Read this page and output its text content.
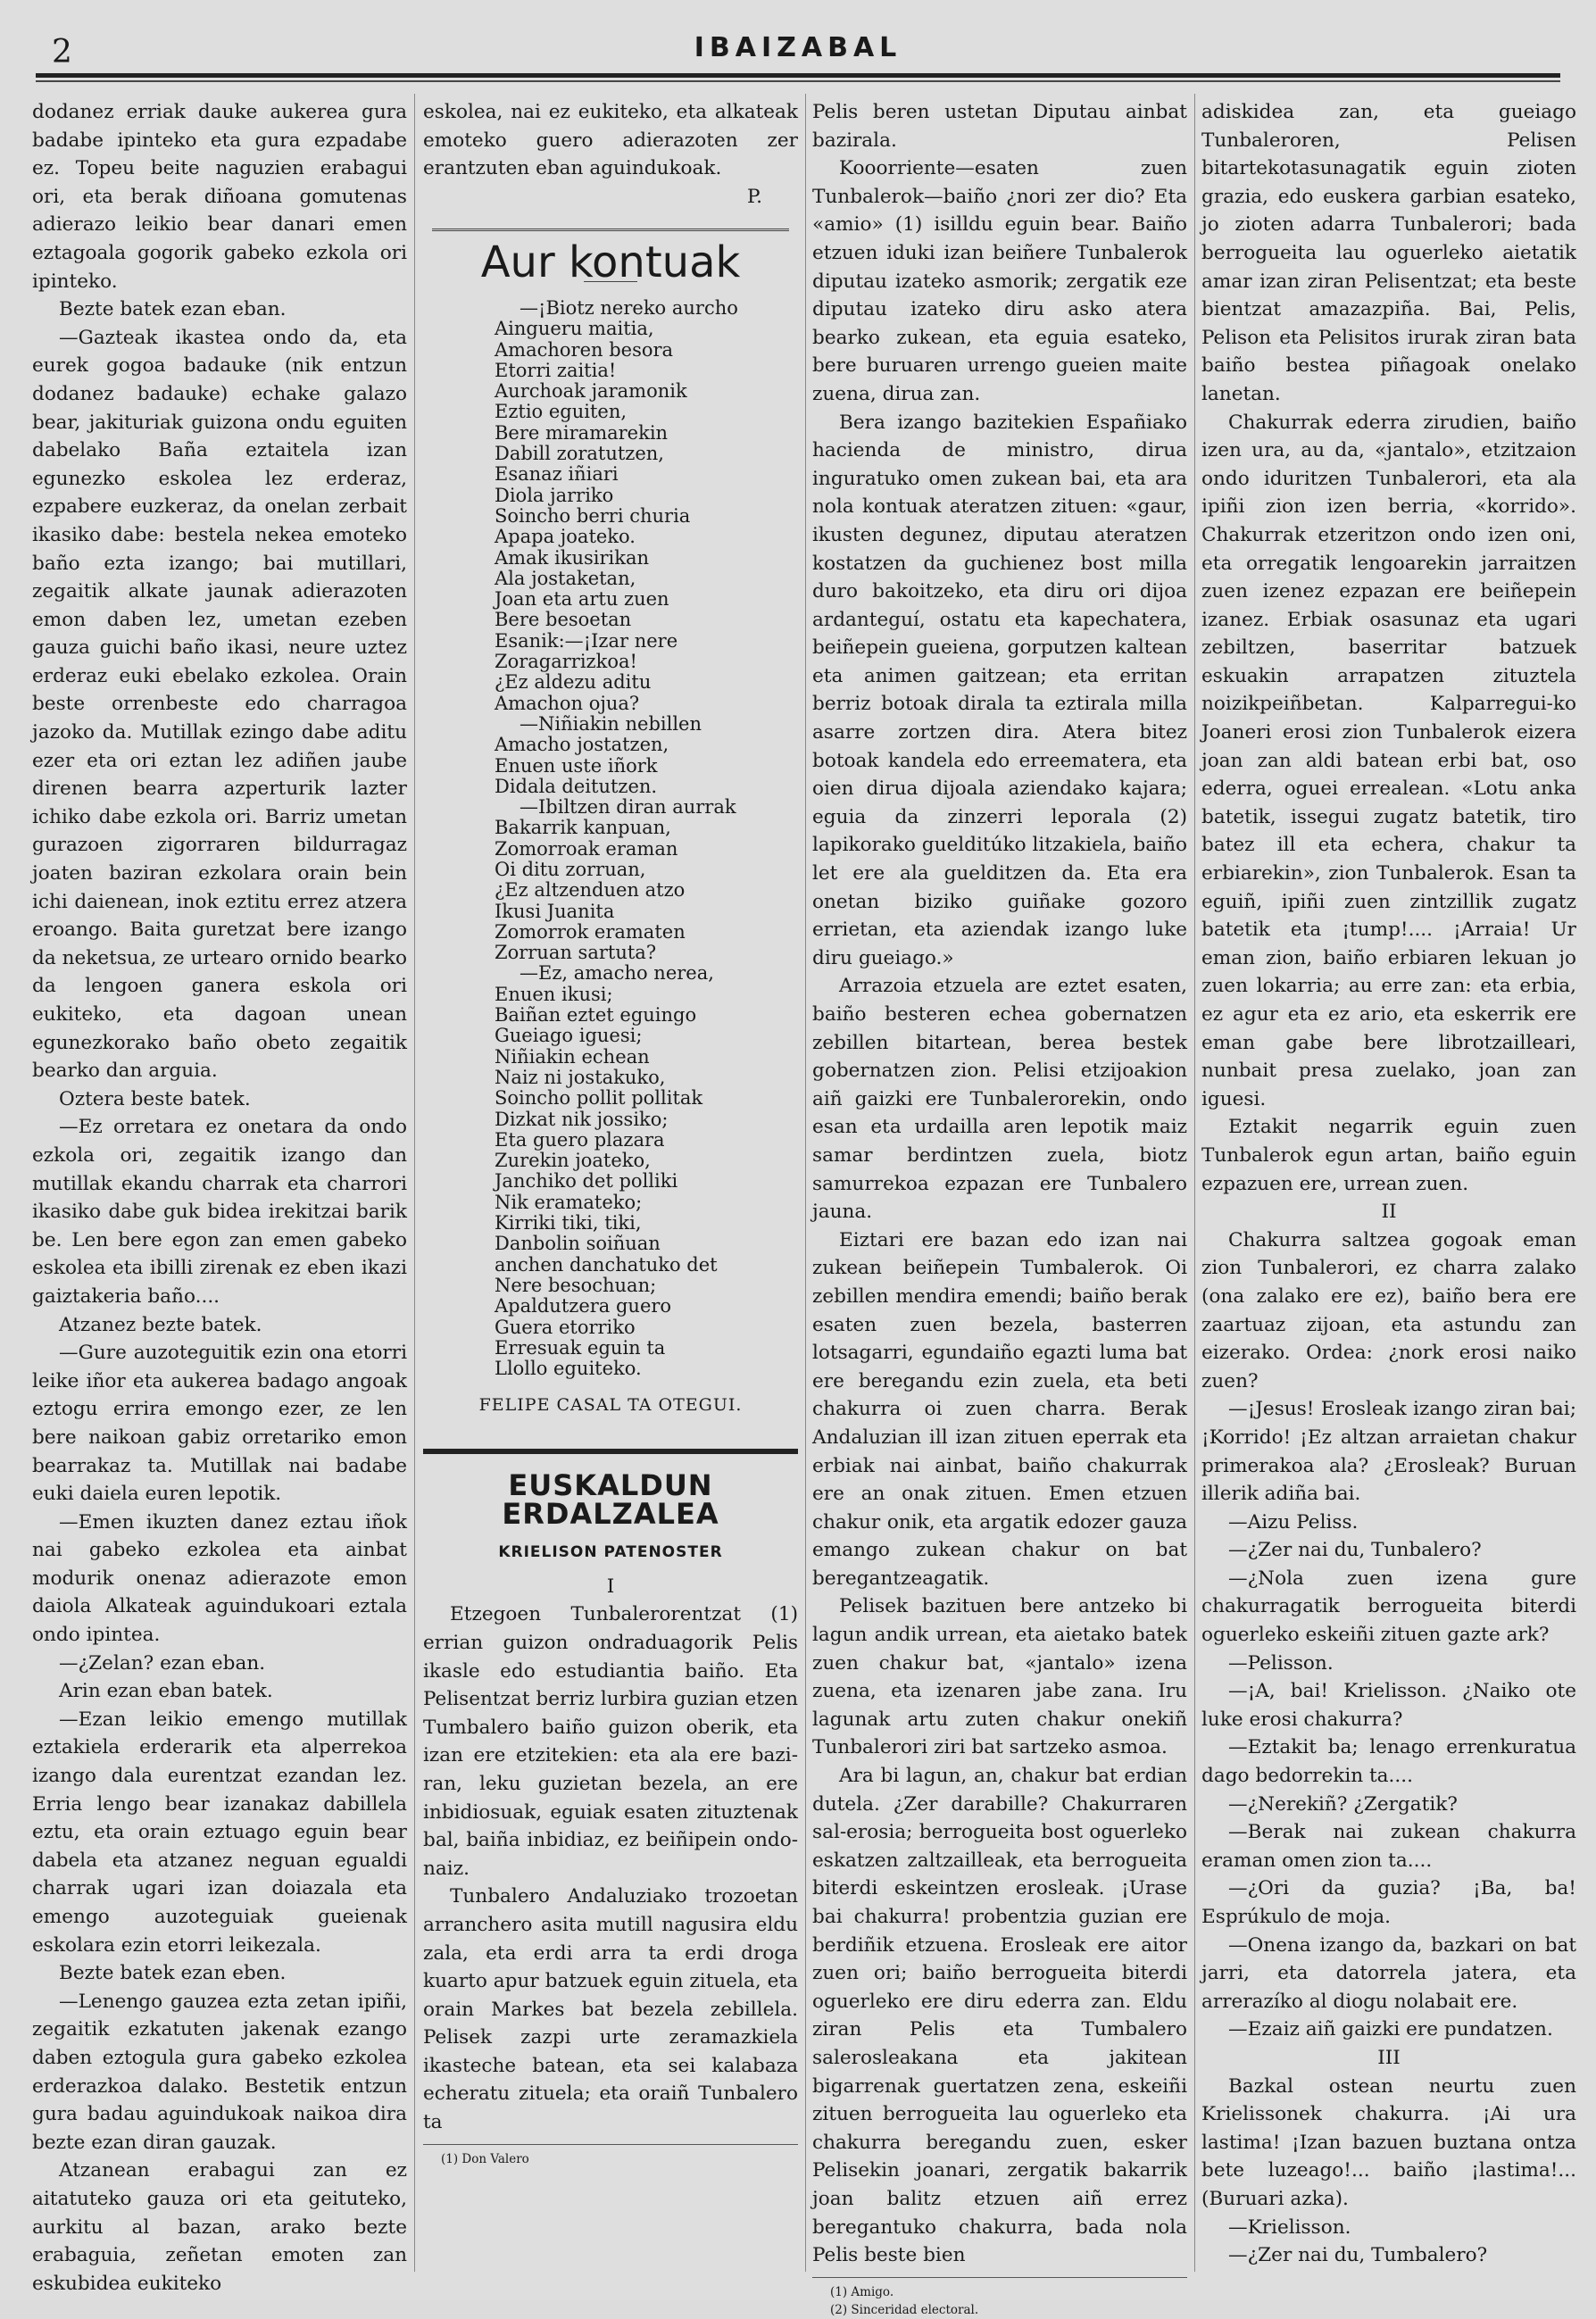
2	IBAIZABAL

dodanez erriak dauke aukerea gura badabe ipinteko eta gura ezpadabe ez. Topeu beite naguzien erabagui ori, eta berak diñoana gomutenas adierazo leikio bear danari emen eztagoala gogorik gabeko ezkola ori ipinteko.

Bezte batek ezan eban.

—Gazteak ikastea ondo da, eta eurek gogoa badauke (nik entzun dodanez badauke) echake galazo bear, jakituriak guizona ondu eguiten dabelako Baña eztaitela izan egunezko eskolea lez erderaz, ezpabere euzkeraz, da onelan zerbait ikasiko dabe: bestela nekea emoteko baño ezta izango; bai mutillari, zegaitik alkate jaunak adierazoten emon daben lez, umetan ezeben gauza guichi baño ikasi, neure uztez erderaz euki ebelako ezkolea. Orain beste orrenbeste edo charragoa jazoko da. Mutillak ezingo dabe aditu ezer eta ori eztan lez adiñen jaube direnen bearra azperturik lazter ichiko dabe ezkola ori. Barriz umetan gurazoen zigorraren bildurragaz joaten baziran ezkolara orain bein ichi daienean, inok eztitu errez atzera eroango. Baita guretzat bere izango da neketsua, ze urtearo ornido bearko da lengoen ganera eskola ori eukiteko, eta dagoan unean egunezkorako baño obeto zegaitik bearko dan arguia.

Oztera beste batek.

—Ez orretara ez onetara da ondo ezkola ori, zegaitik izango dan mutillak ekandu charrak eta charrori ikasiko dabe guk bidea irekitzai barik be. Len bere egon zan emen gabeko eskolea eta ibilli zirenak ez eben ikazi gaiztakeria baño....

Atzanez bezte batek.

—Gure auzoteguitik ezin ona etorri leike iñor eta aukerea badago angoak eztogu errira emongo ezer, ze len bere naikoan gabiz orretariko emon bearrakaz ta. Mutillak nai badabe euki daiela euren lepotik.

—Emen ikuzten danez eztau iñok nai gabeko ezkolea eta ainbat modurik onenaz adierazote emon daiola Alkateak aguindukoari eztala ondo ipintea.

—¿Zelan? ezan eban.

Arin ezan eban batek.

—Ezan leikio emengo mutillak eztakiela erderarik eta alperrekoa izango dala eurentzat ezandan lez. Erria lengo bear izanakaz dabillela eztu, eta orain eztuago eguin bear dabela eta atzanez neguan egualdi charrak ugari izan doiazala eta emengo auzoteguiak gueienak eskolara ezin etorri leikezala.

Bezte batek ezan eben.

—Lenengo gauzea ezta zetan ipiñi, zegaitik ezkatuten jakenak ezango daben eztogula gura gabeko ezkolea erderazkoa dalako. Bestetik entzun gura badau aguindukoak naikoa dira bezte ezan diran gauzak.

Atzanean erabagui zan ez aitatuteko gauza ori eta geituteko, aurkitu al bazan, arako bezte erabaguia, zeñetan emoten zan eskubidea eukiteko

eskolea, nai ez eukiteko, eta alkateak emoteko guero adierazoten zer erantzuten eban aguindukoak.

P.

Aur kontuak
—¡Biotz nereko aurcho
Aingueru maitia,
Amachoren besora
Etorri zaitia!
Aurchoak jaramonik
Eztio eguiten,
Bere miramarekin
Dabill zoratutzen,
Esanaz iñiari
Diola jarriko
Soincho berri churia
Apapa joateko.
Amak ikusirikan
Ala jostaketan,
Joan eta artu zuen
Bere besoetan
Esanik:—¡Izar nere
Zoragarrizkoa!
¿Ez aldezu aditu
Amachon ojua?
—Niñiakin nebillen
Amacho jostatzen,
Enuen uste iñork
Didala deitutzen.
—Ibiltzen diran aurrak
Bakarrik kanpuan,
Zomorroak eraman
Oi ditu zorruan,
¿Ez altzenduen atzo
Ikusi Juanita
Zomorrok eramaten
Zorruan sartuta?
—Ez, amacho nerea,
Enuen ikusi;
Baiñan eztet eguingo
Gueiago iguesi;
Niñiakin echean
Naiz ni jostakuko,
Soincho pollit pollitak
Dizkat nik jossiko;
Eta guero plazara
Zurekin joateko,
Janchiko det polliki
Nik eramateko;
Kirriki tiki, tiki,
Danbolin soiñuan
anchen danchatuko det
Nere besochuan;
Apaldutzera guero
Guera etorriko
Erresuak eguin ta
Llollo eguiteko.
FELIPE CASAL TA OTEGUI.
EUSKALDUN ERDALZALEA
KRIELISON PATENOSTER

I

Etzegoen Tunbalerorentzat (1) errian guizon ondraduagorik Pelis ikasle edo estudiantia baiño. Eta Pelisentzat berriz lurbira guzian etzen Tumbalero baiño guizon oberik, eta izan ere etzitekien: eta ala ere bazi-ran, leku guzietan bezela, an ere inbidiosuak, eguiak esaten zituztenak bal, baiña inbidiaz, ez beiñipein ondo-naiz.

Tunbalero Andaluziako trozoetan arranchero asita mutill nagusira eldu zala, eta erdi arra ta erdi droga kuarto apur batzuek eguin zituela, eta orain Markes bat bezela zebillela. Pelisek zazpi urte zeramazkiela ikasteche batean, eta sei kalabaza echeratu zituela; eta oraiñ Tunbalero ta

(1) Don Valero

Pelis beren ustetan Diputau ainbat bazirala.

Kooorriente—esaten zuen Tunbalerok—baiño ¿nori zer dio? Eta «amio» (1) isilldu eguin bear. Baiño etzuen iduki izan beiñere Tunbalerok diputau izateko asmorik; zergatik eze diputau izateko diru asko atera bearko zukean, eta eguia esateko, bere buruaren urrengo gueien maite zuena, dirua zan.

Bera izango bazitekien Españiako hacienda de ministro, dirua inguratuko omen zukean bai, eta ara nola kontuak ateratzen zituen: «gaur, ikusten degunez, diputau ateratzen kostatzen da guchienez bost milla duro bakoitzeko, eta diru ori dijoa ardanteguí, ostatu eta kapechatera, beiñepein gueiena, gorputzen kaltean eta animen gaitzean; eta erritan berriz botoak dirala ta eztirala milla asarre zortzen dira. Atera bitez botoak kandela edo erreematera, eta oien dirua dijoala aziendako kajara; eguia da zinzerri leporala (2) lapikorako guelditúko litzakiela, baiño let ere ala guelditzen da. Eta era onetan biziko guiñake gozoro errietan, eta aziendak izango luke diru gueiago.»

Arrazoia etzuela are eztet esaten, baiño besteren echea gobernatzen zebillen bitartean, berea bestek gobernatzen zion. Pelisi etzijoakion aiñ gaizki ere Tunbalerorekin, ondo esan eta urdailla aren lepotik maiz samar berdintzen zuela, biotz samurrekoa ezpazan ere Tunbalero jauna.

Eiztari ere bazan edo izan nai zukean beiñepein Tumbalerok. Oi zebillen mendira emendi; baiño berak esaten zuen bezela, basterren lotsagarri, egundaiño egazti luma bat ere beregandu ezin zuela, eta beti chakurra oi zuen charra. Berak Andaluzian ill izan zituen eperrak eta erbiak nai ainbat, baiño chakurrak ere an onak zituen. Emen etzuen chakur onik, eta argatik edozer gauza emango zukean chakur on bat beregantzeagatik.

Pelisek bazituen bere antzeko bi lagun andik urrean, eta aietako batek zuen chakur bat, «jantalo» izena zuena, eta izenaren jabe zana. Iru lagunak artu zuten chakur onekiñ Tunbalerori ziri bat sartzeko asmoa.

Ara bi lagun, an, chakur bat erdian dutela. ¿Zer darabille? Chakurraren sal-erosia; berrogueita bost oguerleko eskatzen zaltzailleak, eta berrogueita biterdi eskeintzen erosleak. ¡Urase bai chakurra! probentzia guzian ere berdiñik etzuena. Erosleak ere aitor zuen ori; baiño berrogueita biterdi oguerleko ere diru ederra zan. Eldu ziran Pelis eta Tumbalero salerosleakana eta jakitean bigarrenak guertatzen zena, eskeiñi zituen berrogueita lau oguerleko eta chakurra beregandu zuen, esker Pelisekin joanari, zergatik bakarrik joan balitz etzuen aiñ errez beregantuko chakurra, bada nola Pelis beste bien

(1) Amigo.
(2) Sinceridad electoral.

adiskidea zan, eta gueiago Tunbaleroren, Pelisen bitartekotasunagatik eguin zioten grazia, edo euskera garbian esateko, jo zioten adarra Tunbalerori; bada berrogueita lau oguerleko aietatik amar izan ziran Pelisentzat; eta beste bientzat amazazpiña. Bai, Pelis, Pelison eta Pelisitos irurak ziran bata baiño bestea piñagoak onelako lanetan.

Chakurrak ederra zirudien, baiño izen ura, au da, «jantalo», etzitzaion ondo iduritzen Tunbalerori, eta ala ipiñi zion izen berria, «korrido». Chakurrak etzeritzon ondo izen oni, eta orregatik lengoarekin jarraitzen zuen izenez ezpazan ere beiñepein izanez. Erbiak osasunaz eta ugari zebiltzen, baserritar batzuek eskuakin arrapatzen zituztela noizikpeiñbetan. Kalparregui-ko Joaneri erosi zion Tunbalerok eizera joan zan aldi batean erbi bat, oso ederra, oguei errealean. «Lotu anka batetik, issegui zugatz batetik, tiro batez ill eta echera, chakur ta erbiarekin», zion Tunbalerok. Esan ta eguiñ, ipiñi zuen zintzillik zugatz batetik eta ¡tump!.... ¡Arraia! Ur eman zion, baiño erbiaren lekuan jo zuen lokarria; au erre zan: eta erbia, ez agur eta ez ario, eta eskerrik ere eman gabe bere librotzailleari, nunbait presa zuelako, joan zan iguesi.

Eztakit negarrik eguin zuen Tunbalerok egun artan, baiño eguin ezpazuen ere, urrean zuen.

II

Chakurra saltzea gogoak eman zion Tunbalerori, ez charra zalako (ona zalako ere ez), baiño bera ere zaartuaz zijoan, eta astundu zan eizerako. Ordea: ¿nork erosi naiko zuen?

—¡Jesus! Erosleak izango ziran bai; ¡Korrido! ¡Ez altzan arraietan chakur primerakoa ala? ¿Erosleak? Buruan illerik adiña bai.

—Aizu Peliss.

—¿Zer nai du, Tunbalero?

—¿Nola zuen izena gure chakurragatik berrogueita biterdi oguerleko eskeiñi zituen gazte ark?

—Pelisson.

—¡A, bai! Krielisson. ¿Naiko ote luke erosi chakurra?

—Eztakit ba; lenago errenkuratua dago bedorrekin ta....

—¿Nerekiñ? ¿Zergatik?

—Berak nai zukean chakurra eraman omen zion ta....

—¿Ori da guzia? ¡Ba, ba! Esprúkulo de moja.

—Onena izango da, bazkari on bat jarri, eta datorrela jatera, eta arrerazíko al diogu nolabait ere.

—Ezaiz aiñ gaizki ere pundatzen.

III

Bazkal ostean neurtu zuen Krielissonek chakurra. ¡Ai ura lastima! ¡Izan bazuen buztana ontza bete luzeago!... baiño ¡lastima!... (Buruari azka).

—Krielisson.

—¿Zer nai du, Tumbalero?
